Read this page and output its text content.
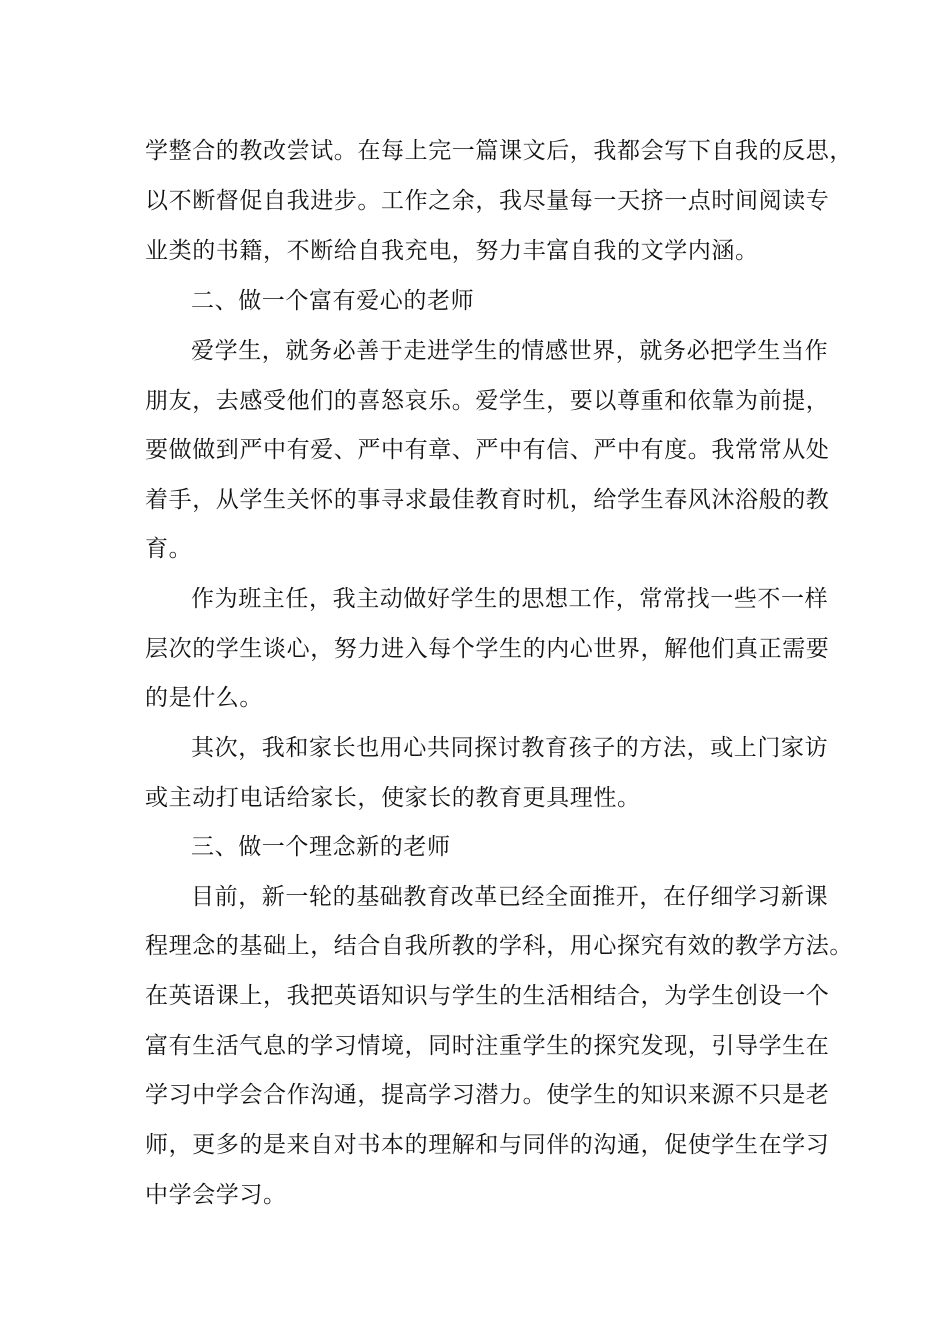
学整合的教改尝试。在每上完一篇课文后，我都会写下自我的反思，

以不断督促自我进步。工作之余，我尽量每一天挤一点时间阅读专

业类的书籍，不断给自我充电，努力丰富自我的文学内涵。

二、做一个富有爱心的老师

爱学生，就务必善于走进学生的情感世界，就务必把学生当作

朋友，去感受他们的喜怒哀乐。爱学生，要以尊重和依靠为前提，

要做做到严中有爱、严中有章、严中有信、严中有度。我常常从处

着手，从学生关怀的事寻求最佳教育时机，给学生春风沐浴般的教

育。

作为班主任，我主动做好学生的思想工作，常常找一些不一样

层次的学生谈心，努力进入每个学生的内心世界，解他们真正需要

的是什么。

其次，我和家长也用心共同探讨教育孩子的方法，或上门家访

或主动打电话给家长，使家长的教育更具理性。

三、做一个理念新的老师

目前，新一轮的基础教育改革已经全面推开，在仔细学习新课

程理念的基础上，结合自我所教的学科，用心探究有效的教学方法。

在英语课上，我把英语知识与学生的生活相结合，为学生创设一个

富有生活气息的学习情境，同时注重学生的探究发现，引导学生在

学习中学会合作沟通，提高学习潜力。使学生的知识来源不只是老

师，更多的是来自对书本的理解和与同伴的沟通，促使学生在学习

中学会学习。
